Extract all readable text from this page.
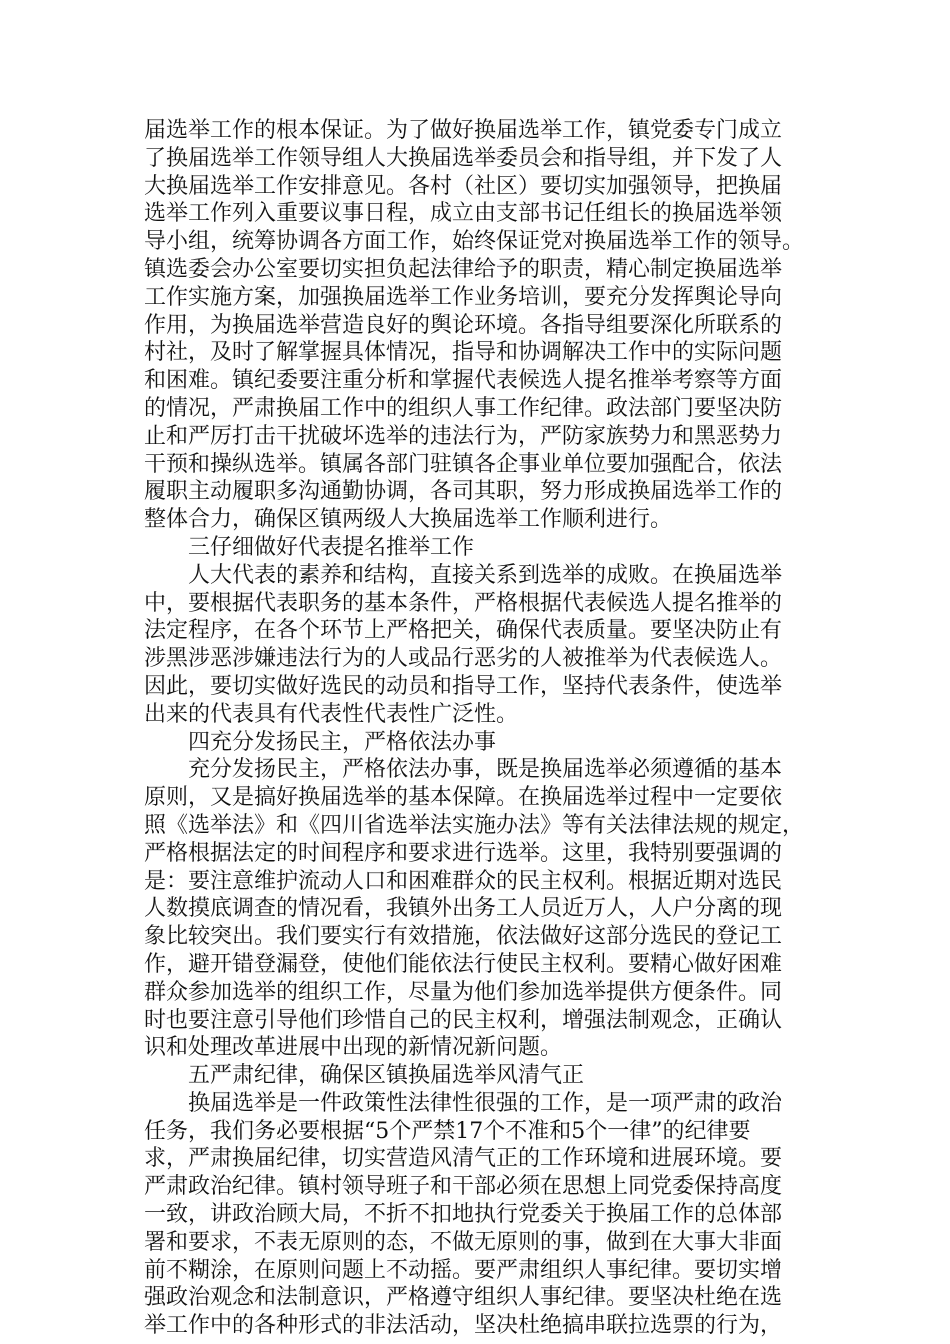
届选举工作的根本保证。为了做好换届选举工作，镇党委专门成立
了换届选举工作领导组人大换届选举委员会和指导组，并下发了人
大换届选举工作安排意见。各村（社区）要切实加强领导，把换届
选举工作列入重要议事日程，成立由支部书记任组长的换届选举领
导小组，统筹协调各方面工作，始终保证党对换届选举工作的领导。
镇选委会办公室要切实担负起法律给予的职责，精心制定换届选举
工作实施方案，加强换届选举工作业务培训，要充分发挥舆论导向
作用，为换届选举营造良好的舆论环境。各指导组要深化所联系的
村社，及时了解掌握具体情况，指导和协调解决工作中的实际问题
和困难。镇纪委要注重分析和掌握代表候选人提名推举考察等方面
的情况，严肃换届工作中的组织人事工作纪律。政法部门要坚决防
止和严厉打击干扰破坏选举的违法行为，严防家族势力和黑恶势力
干预和操纵选举。镇属各部门驻镇各企事业单位要加强配合，依法
履职主动履职多沟通勤协调，各司其职，努力形成换届选举工作的
整体合力，确保区镇两级人大换届选举工作顺利进行。
三仔细做好代表提名推举工作
人大代表的素养和结构，直接关系到选举的成败。在换届选举
中，要根据代表职务的基本条件，严格根据代表候选人提名推举的
法定程序，在各个环节上严格把关，确保代表质量。要坚决防止有
涉黑涉恶涉嫌违法行为的人或品行恶劣的人被推举为代表候选人。
因此，要切实做好选民的动员和指导工作，坚持代表条件，使选举
出来的代表具有代表性代表性广泛性。
四充分发扬民主，严格依法办事
充分发扬民主，严格依法办事，既是换届选举必须遵循的基本
原则，又是搞好换届选举的基本保障。在换届选举过程中一定要依
照《选举法》和《四川省选举法实施办法》等有关法律法规的规定，
严格根据法定的时间程序和要求进行选举。这里，我特别要强调的
是：要注意维护流动人口和困难群众的民主权利。根据近期对选民
人数摸底调查的情况看，我镇外出务工人员近万人，人户分离的现
象比较突出。我们要实行有效措施，依法做好这部分选民的登记工
作，避开错登漏登，使他们能依法行使民主权利。要精心做好困难
群众参加选举的组织工作，尽量为他们参加选举提供方便条件。同
时也要注意引导他们珍惜自己的民主权利，增强法制观念，正确认
识和处理改革进展中出现的新情况新问题。
五严肃纪律，确保区镇换届选举风清气正
换届选举是一件政策性法律性很强的工作，是一项严肃的政治
任务，我们务必要根据“5个严禁17个不准和5个一律”的纪律要
求，严肃换届纪律，切实营造风清气正的工作环境和进展环境。要
严肃政治纪律。镇村领导班子和干部必须在思想上同党委保持高度
一致，讲政治顾大局，不折不扣地执行党委关于换届工作的总体部
署和要求，不表无原则的态，不做无原则的事，做到在大事大非面
前不糊涂，在原则问题上不动摇。要严肃组织人事纪律。要切实增
强政治观念和法制意识，严格遵守组织人事纪律。要坚决杜绝在选
举工作中的各种形式的非法活动，坚决杜绝搞串联拉选票的行为，
